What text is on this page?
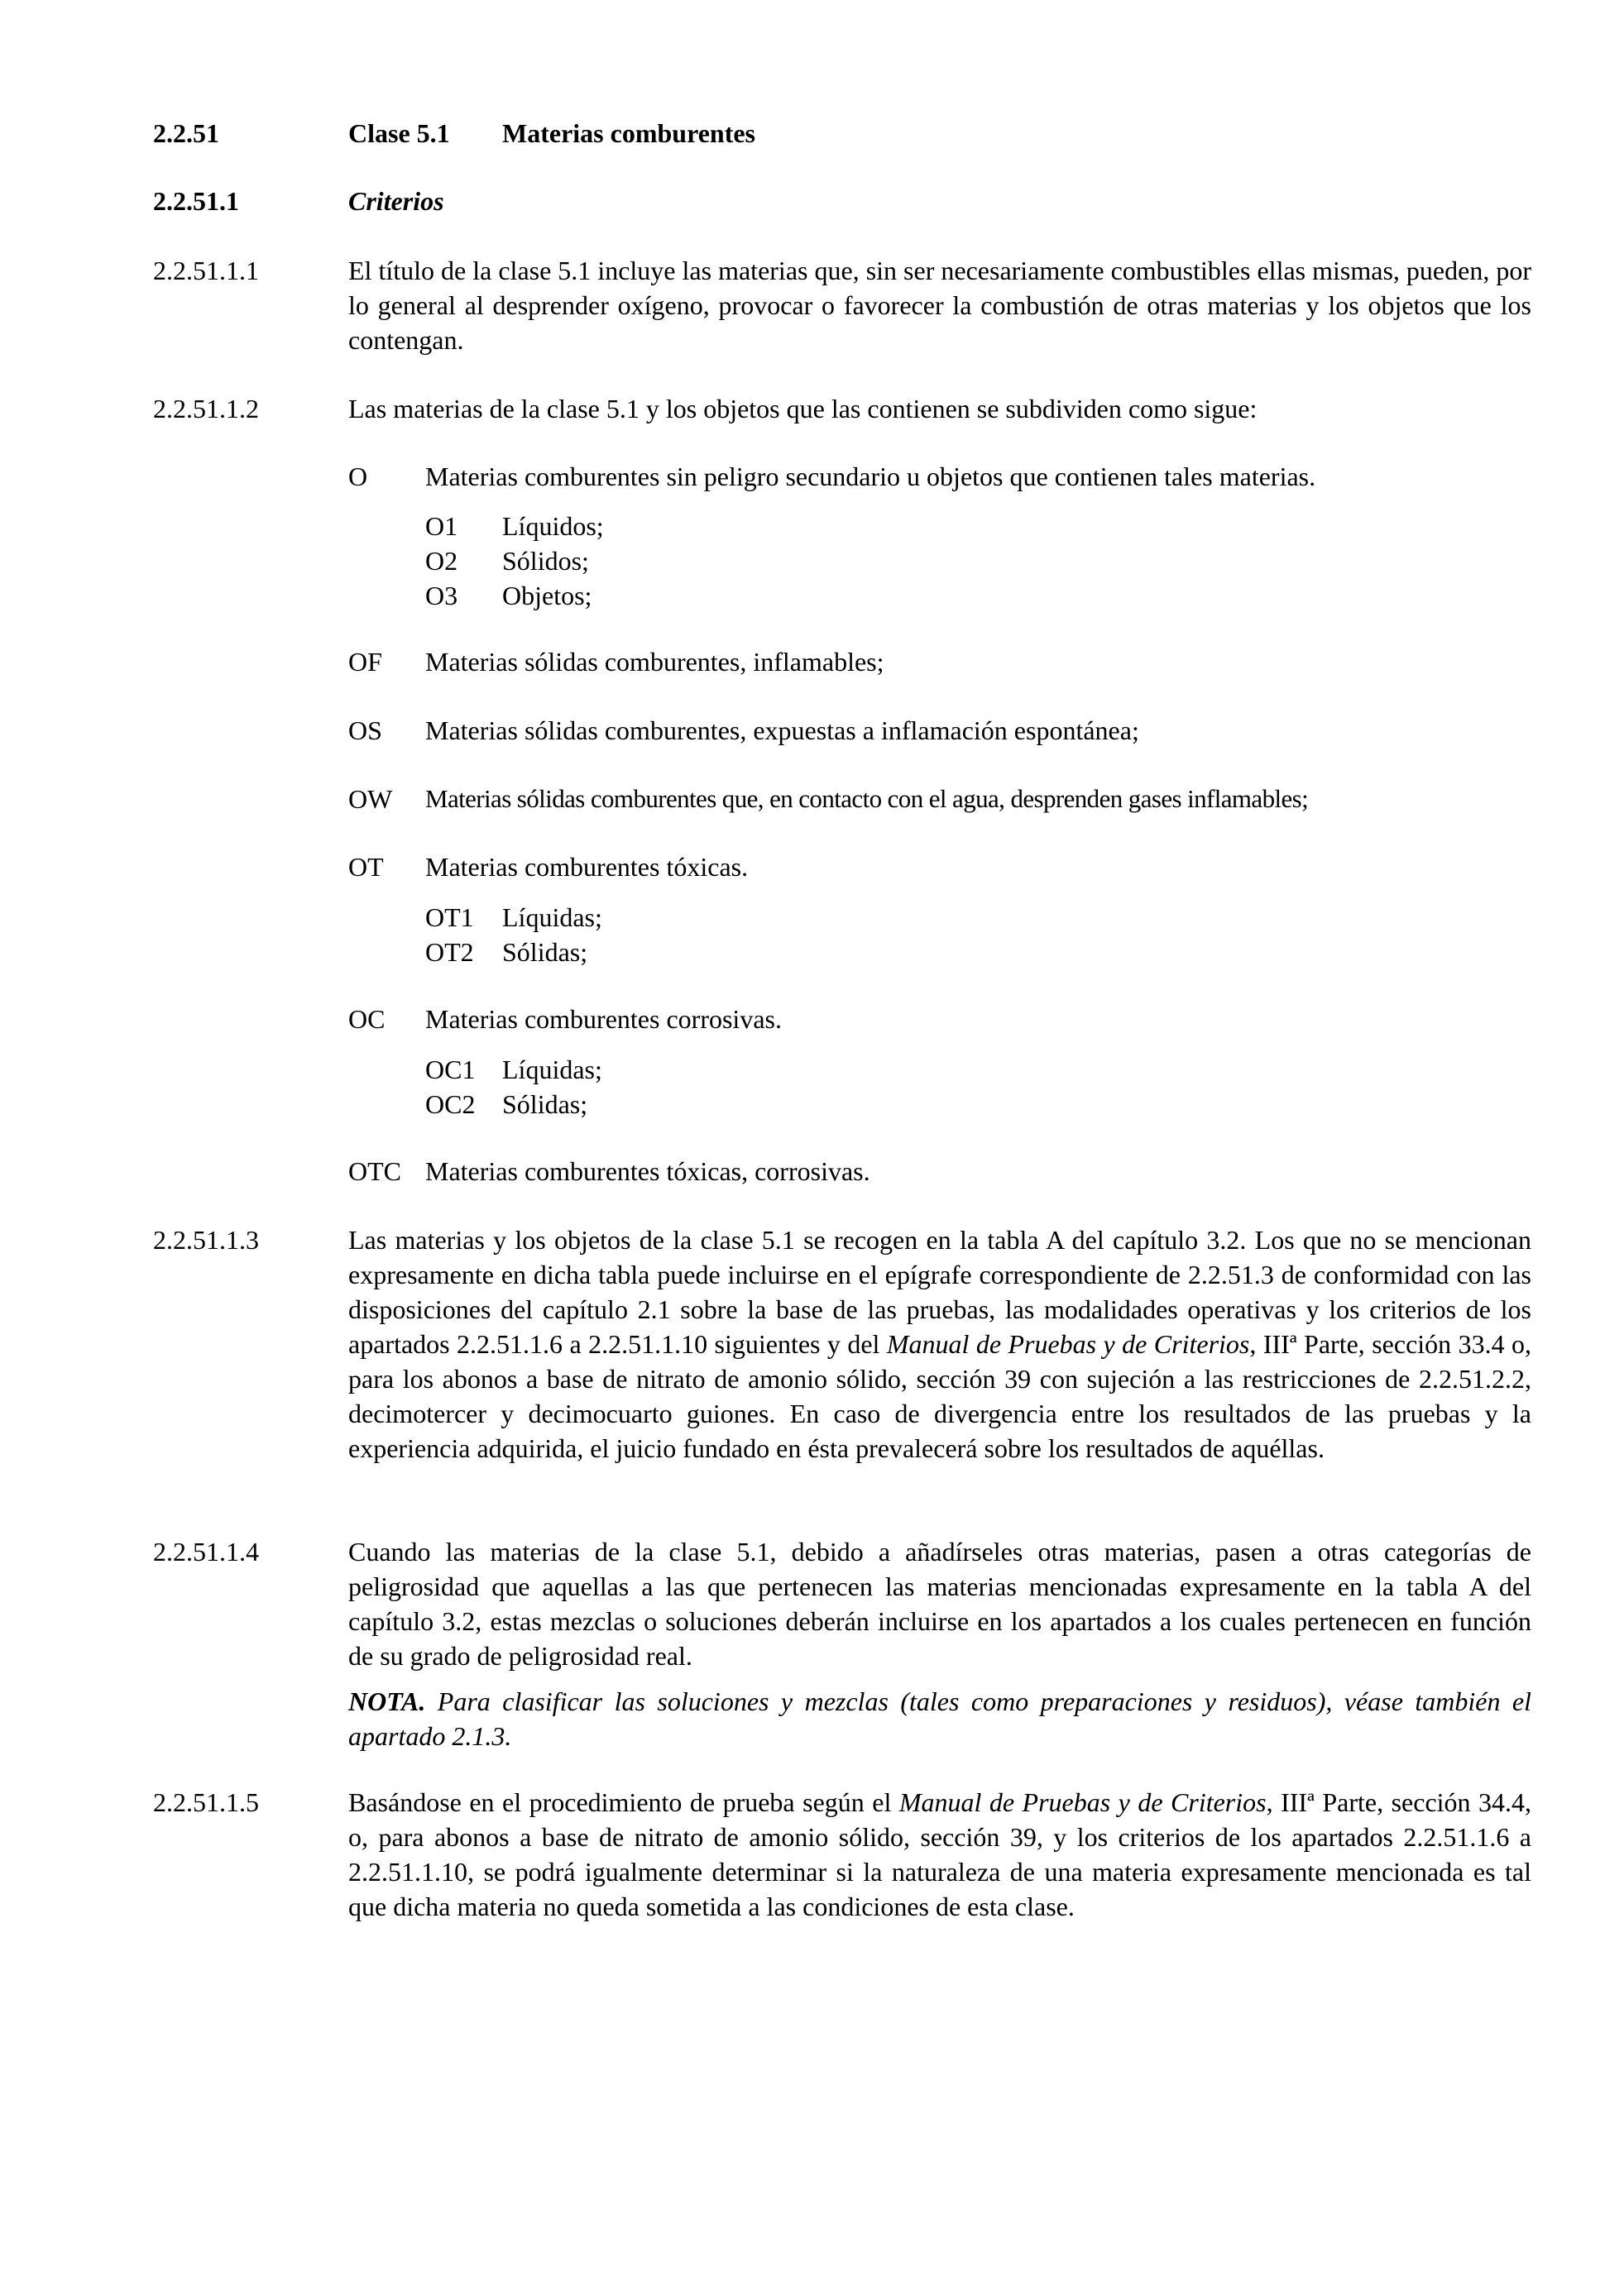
2.2.51	Clase 5.1 Materias comburentes
2.2.51.1	Criterios
2.2.51.1.1	El título de la clase 5.1 incluye las materias que, sin ser necesariamente combustibles ellas mismas, pueden, por lo general al desprender oxígeno, provocar o favorecer la combustión de otras materias y los objetos que los contengan.
2.2.51.1.2	Las materias de la clase 5.1 y los objetos que las contienen se subdividen como sigue:
O Materias comburentes sin peligro secundario u objetos que contienen tales materias.
O1 Líquidos;
O2 Sólidos;
O3 Objetos;
OF Materias sólidas comburentes, inflamables;
OS Materias sólidas comburentes, expuestas a inflamación espontánea;
OW Materias sólidas comburentes que, en contacto con el agua, desprenden gases inflamables;
OT Materias comburentes tóxicas.
OT1 Líquidas;
OT2 Sólidas;
OC Materias comburentes corrosivas.
OC1 Líquidas;
OC2 Sólidas;
OTC Materias comburentes tóxicas, corrosivas.
2.2.51.1.3	Las materias y los objetos de la clase 5.1 se recogen en la tabla A del capítulo 3.2. Los que no se mencionan expresamente en dicha tabla puede incluirse en el epígrafe correspondiente de 2.2.51.3 de conformidad con las disposiciones del capítulo 2.1 sobre la base de las pruebas, las modalidades operativas y los criterios de los apartados 2.2.51.1.6 a 2.2.51.1.10 siguientes y del Manual de Pruebas y de Criterios, IIIª Parte, sección 33.4 o, para los abonos a base de nitrato de amonio sólido, sección 39 con sujeción a las restricciones de 2.2.51.2.2, decimotercer y decimocuarto guiones. En caso de divergencia entre los resultados de las pruebas y la experiencia adquirida, el juicio fundado en ésta prevalecerá sobre los resultados de aquéllas.
2.2.51.1.4	Cuando las materias de la clase 5.1, debido a añadírseles otras materias, pasen a otras categorías de peligrosidad que aquellas a las que pertenecen las materias mencionadas expresamente en la tabla A del capítulo 3.2, estas mezclas o soluciones deberán incluirse en los apartados a los cuales pertenecen en función de su grado de peligrosidad real.
NOTA. Para clasificar las soluciones y mezclas (tales como preparaciones y residuos), véase también el apartado 2.1.3.
2.2.51.1.5	Basándose en el procedimiento de prueba según el Manual de Pruebas y de Criterios, IIIª Parte, sección 34.4, o, para abonos a base de nitrato de amonio sólido, sección 39, y los criterios de los apartados 2.2.51.1.6 a 2.2.51.1.10, se podrá igualmente determinar si la naturaleza de una materia expresamente mencionada es tal que dicha materia no queda sometida a las condiciones de esta clase.
